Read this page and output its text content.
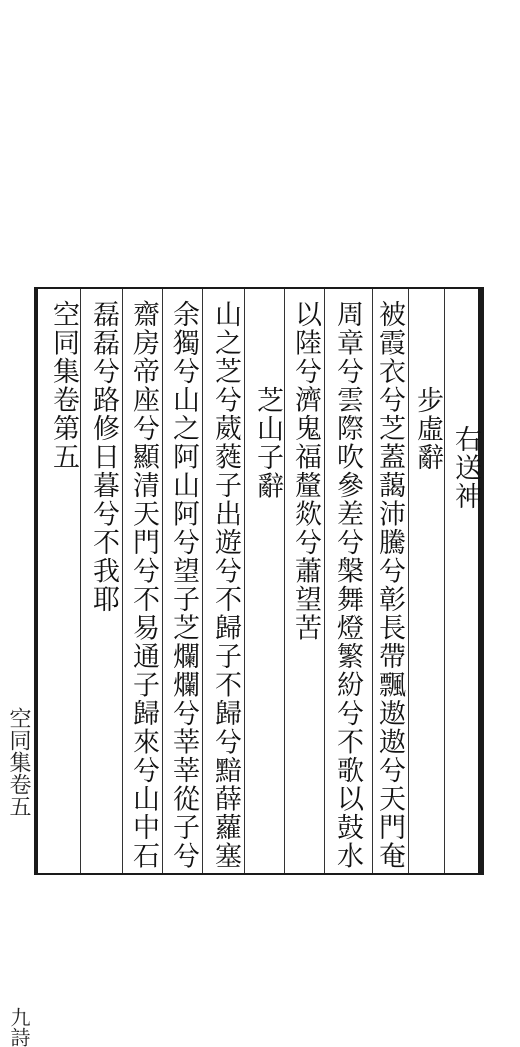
空同集卷五
九詩
右送神
被霞衣兮芝蓋藹沛騰兮彰長帶飄遨遨兮天門奄 步虛辭
周章兮雲際吹參差兮槃舞燈繁紛兮不歌以鼓水
以陸兮濟鬼福釐欻兮蕭望苦
芝山子辭
山之芝兮葳蕤子出遊兮不歸子不歸兮黯薛蘿塞
余獨兮山之阿山阿兮望子芝爛爛兮莘莘從子兮
齋房帝座兮顯清天門兮不易通子歸來兮山中石
磊磊兮路修日暮兮不我耶
空同集卷第五
